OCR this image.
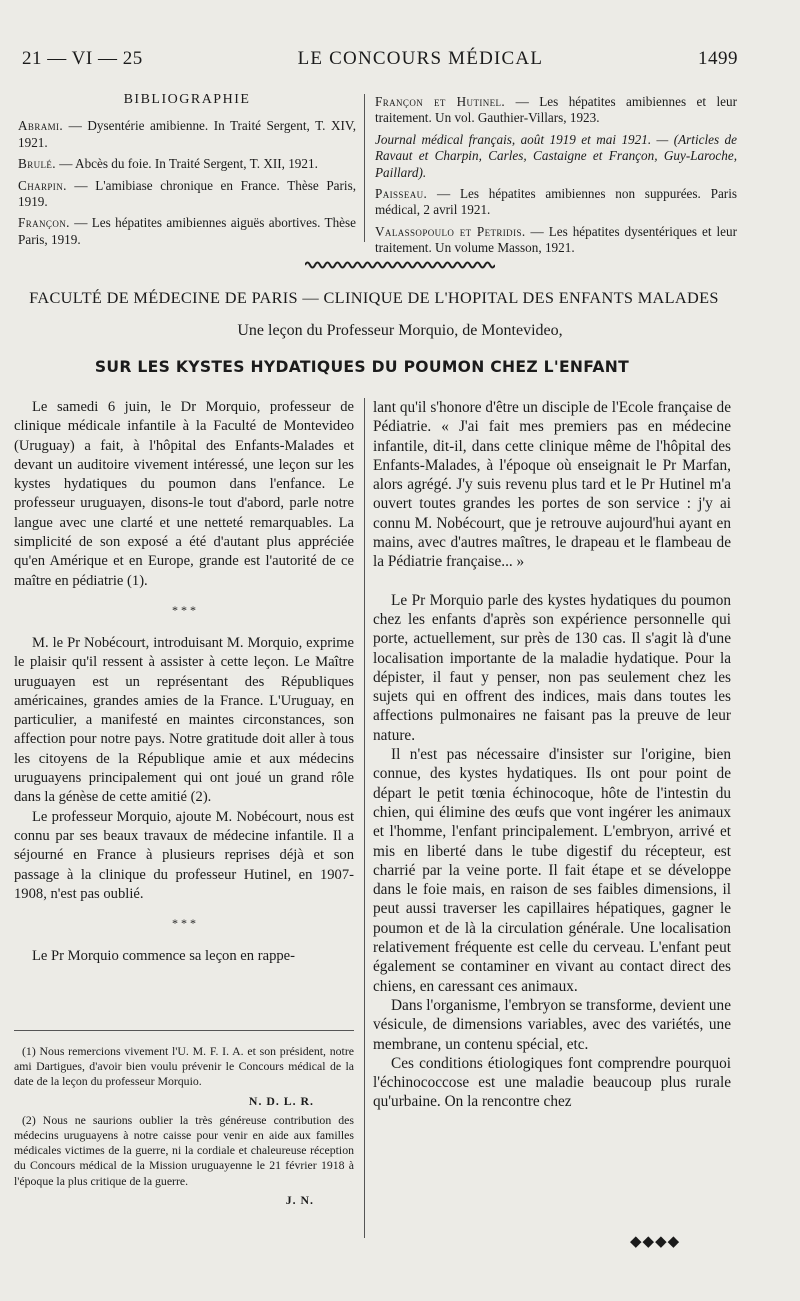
21 — VI — 25	LE CONCOURS MÉDICAL	1499
BIBLIOGRAPHIE

Abrami. — Dysentérie amibienne. In Traité Sergent, T. XIV, 1921.

Brulé. — Abcès du foie. In Traité Sergent, T. XII, 1921.

Charpin. — L'amibiase chronique en France. Thèse Paris, 1919.

Françon. — Les hépatites amibiennes aiguës abortives. Thèse Paris, 1919.

Françon et Hutinel. — Les hépatites amibiennes et leur traitement. Un vol. Gauthier-Villars, 1923.

Journal médical français, août 1919 et mai 1921. — (Articles de Ravaut et Charpin, Carles, Castaigne et Françon, Guy-Laroche, Paillard).

Paisseau. — Les hépatites amibiennes non suppurées. Paris médical, 2 avril 1921.

Valassopoulo et Petridis. — Les hépatites dysentériques et leur traitement. Un volume Masson, 1921.

FACULTÉ DE MÉDECINE DE PARIS — CLINIQUE DE L'HOPITAL DES ENFANTS MALADES
Une leçon du Professeur Morquio, de Montevideo,
SUR LES KYSTES HYDATIQUES DU POUMON CHEZ L'ENFANT

Le samedi 6 juin, le Dr Morquio, professeur de clinique médicale infantile à la Faculté de Montevideo (Uruguay) a fait, à l'hôpital des Enfants-Malades et devant un auditoire vivement intéressé, une leçon sur les kystes hydatiques du poumon dans l'enfance. Le professeur uruguayen, disons-le tout d'abord, parle notre langue avec une clarté et une netteté remarquables. La simplicité de son exposé a été d'autant plus appréciée qu'en Amérique et en Europe, grande est l'autorité de ce maître en pédiatrie (1).

* * *

M. le Pr Nobécourt, introduisant M. Morquio, exprime le plaisir qu'il ressent à assister à cette leçon. Le Maître uruguayen est un représentant des Républiques américaines, grandes amies de la France. L'Uruguay, en particulier, a manifesté en maintes circonstances, son affection pour notre pays. Notre gratitude doit aller à tous les citoyens de la République amie et aux médecins uruguayens principalement qui ont joué un grand rôle dans la génèse de cette amitié (2).

Le professeur Morquio, ajoute M. Nobécourt, nous est connu par ses beaux travaux de médecine infantile. Il a séjourné en France à plusieurs reprises déjà et son passage à la clinique du professeur Hutinel, en 1907-1908, n'est pas oublié.

* * *

Le Pr Morquio commence sa leçon en rappe-

(1) Nous remercions vivement l'U. M. F. I. A. et son président, notre ami Dartigues, d'avoir bien voulu prévenir le Concours médical de la date de la leçon du professeur Morquio.

N. D. L. R.

(2) Nous ne saurions oublier la très généreuse contribution des médecins uruguayens à notre caisse pour venir en aide aux familles médicales victimes de la guerre, ni la cordiale et chaleureuse réception du Concours médical de la Mission uruguayenne le 21 février 1918 à l'époque la plus critique de la guerre.

J. N.

lant qu'il s'honore d'être un disciple de l'Ecole française de Pédiatrie. « J'ai fait mes premiers pas en médecine infantile, dit-il, dans cette clinique même de l'hôpital des Enfants-Malades, à l'époque où enseignait le Pr Marfan, alors agrégé. J'y suis revenu plus tard et le Pr Hutinel m'a ouvert toutes grandes les portes de son service : j'y ai connu M. Nobécourt, que je retrouve aujourd'hui ayant en mains, avec d'autres maîtres, le drapeau et le flambeau de la Pédiatrie française... »

Le Pr Morquio parle des kystes hydatiques du poumon chez les enfants d'après son expérience personnelle qui porte, actuellement, sur près de 130 cas. Il s'agit là d'une localisation importante de la maladie hydatique. Pour la dépister, il faut y penser, non pas seulement chez les sujets qui en offrent des indices, mais dans toutes les affections pulmonaires ne faisant pas la preuve de leur nature.

Il n'est pas nécessaire d'insister sur l'origine, bien connue, des kystes hydatiques. Ils ont pour point de départ le petit tœnia échinocoque, hôte de l'intestin du chien, qui élimine des œufs que vont ingérer les animaux et l'homme, l'enfant principalement. L'embryon, arrivé et mis en liberté dans le tube digestif du récepteur, est charrié par la veine porte. Il fait étape et se développe dans le foie mais, en raison de ses faibles dimensions, il peut aussi traverser les capillaires hépatiques, gagner le poumon et de là la circulation générale. Une localisation relativement fréquente est celle du cerveau. L'enfant peut également se contaminer en vivant au contact direct des chiens, en caressant ces animaux.

Dans l'organisme, l'embryon se transforme, devient une vésicule, de dimensions variables, avec des variétés, une membrane, un contenu spécial, etc.

Ces conditions étiologiques font comprendre pourquoi l'échinococcose est une maladie beaucoup plus rurale qu'urbaine. On la rencontre chez

◆◆◆◆
